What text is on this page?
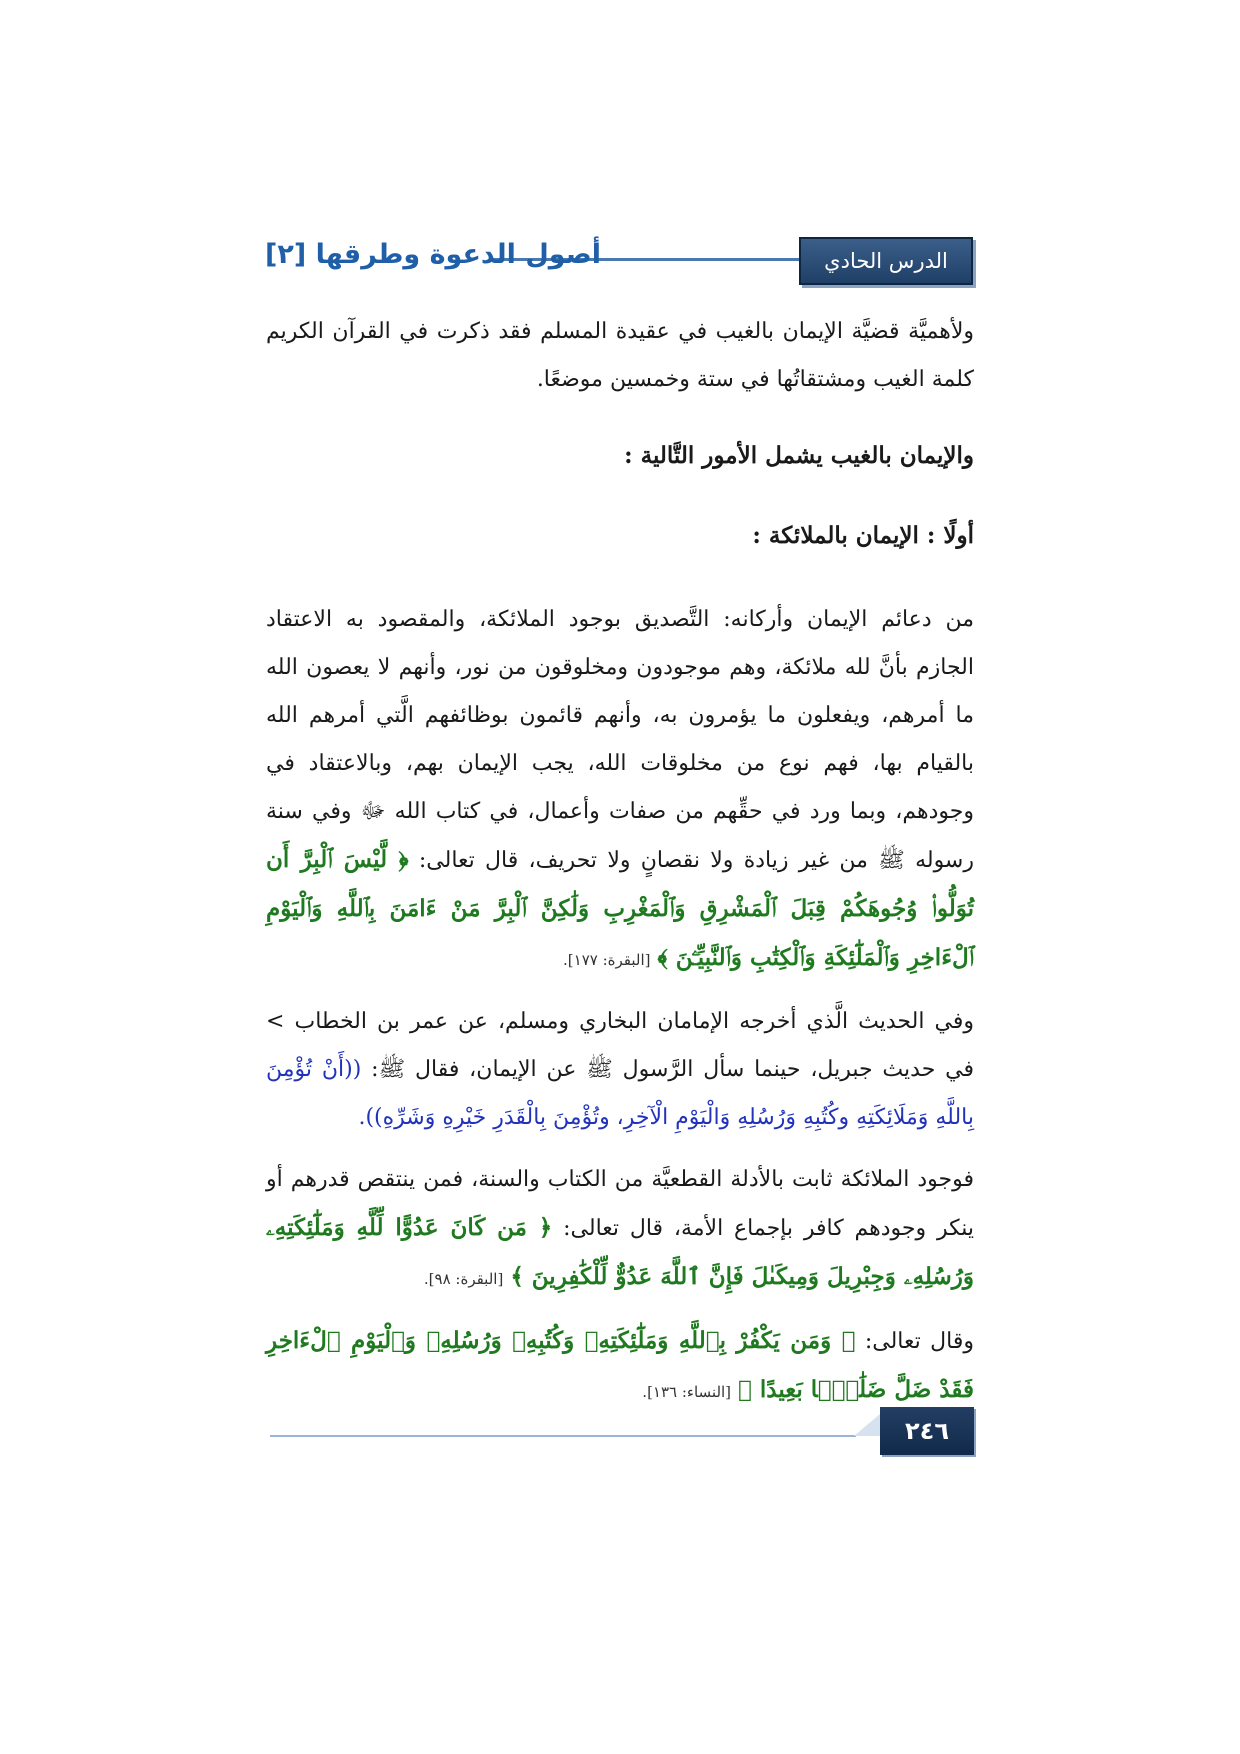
الدرس الحادي عشر
أصول الدعوة وطرقها [٢]

ولأهميَّة قضيَّة الإيمان بالغيب في عقيدة المسلم فقد ذكرت في القرآن الكريم كلمة الغيب ومشتقاتُها في ستة وخمسين موضعًا.

والإيمان بالغيب يشمل الأمور التَّالية :
أولًا : الإيمان بالملائكة :

من دعائم الإيمان وأركانه: التَّصديق بوجود الملائكة، والمقصود به الاعتقاد الجازم بأنَّ لله ملائكة، وهم موجودون ومخلوقون من نور، وأنهم لا يعصون الله ما أمرهم، ويفعلون ما يؤمرون به، وأنهم قائمون بوظائفهم الَّتي أمرهم الله بالقيام بها، فهم نوع من مخلوقات الله، يجب الإيمان بهم، وبالاعتقاد في وجودهم، وبما ورد في حقِّهم من صفات وأعمال، في كتاب الله ﷻ وفي سنة رسوله ﷺ من غير زيادة ولا نقصانٍ ولا تحريف، قال تعالى: ﴿ لَّيْسَ ٱلْبِرَّ أَن تُوَلُّوا۟ وُجُوهَكُمْ قِبَلَ ٱلْمَشْرِقِ وَٱلْمَغْرِبِ وَلَٰكِنَّ ٱلْبِرَّ مَنْ ءَامَنَ بِٱللَّهِ وَٱلْيَوْمِ ٱلْءَاخِرِ وَٱلْمَلَٰٓئِكَةِ وَٱلْكِتَٰبِ وَٱلنَّبِيِّـۧنَ ﴾ [البقرة: ١٧٧].

وفي الحديث الَّذي أخرجه الإمامان البخاري ومسلم، عن عمر بن الخطاب > في حديث جبريل، حينما سأل الرَّسول ﷺ عن الإيمان، فقال ﷺ: ((أَنْ تُؤْمِنَ بِاللَّهِ وَمَلَائِكَتِهِ وكُتُبِهِ وَرُسُلِهِ وَالْيَوْمِ الْآخِرِ، وتُؤْمِنَ بِالْقَدَرِ خَيْرِهِ وَشَرِّهِ)).

فوجود الملائكة ثابت بالأدلة القطعيَّة من الكتاب والسنة، فمن ينتقص قدرهم أو ينكر وجودهم كافر بإجماع الأمة، قال تعالى: ﴿ مَن كَانَ عَدُوًّا لِّلَّهِ وَمَلَٰٓئِكَتِهِۦ وَرُسُلِهِۦ وَجِبْرِيلَ وَمِيكَىٰلَ فَإِنَّ ٱللَّهَ عَدُوٌّ لِّلْكَٰفِرِينَ ﴾ [البقرة: ٩٨].

وقال تعالى: ﴿ وَمَن يَكْفُرْ بِٱللَّهِ وَمَلَٰٓئِكَتِهِۦ وَكُتُبِهِۦ وَرُسُلِهِۦ وَٱلْيَوْمِ ٱلْءَاخِرِ فَقَدْ ضَلَّ ضَلَٰلًۢا بَعِيدًا ﴾ [النساء: ١٣٦].

٢٤٦
